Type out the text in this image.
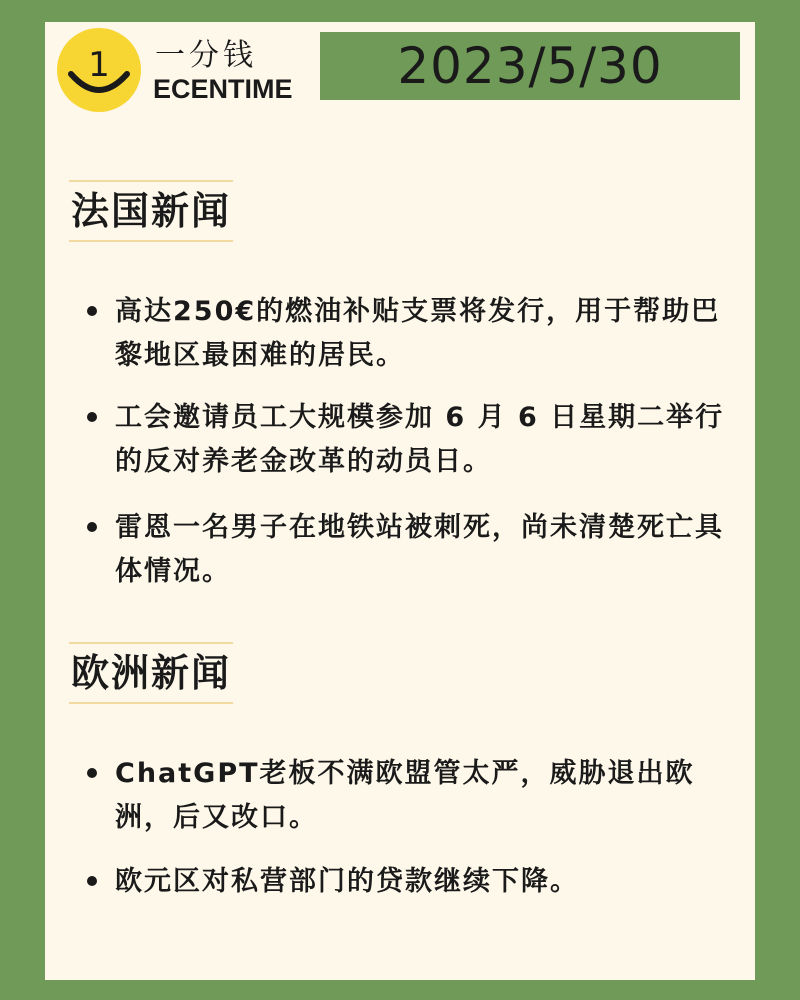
1 一分钱
ECENTIME 2023/5/30
法国新闻
高达250€的燃油补贴支票将发行，用于帮助巴黎地区最困难的居民。
工会邀请员工大规模参加 6 月 6 日星期二举行的反对养老金改革的动员日。
雷恩一名男子在地铁站被刺死，尚未清楚死亡具体情况。
欧洲新闻
ChatGPT老板不满欧盟管太严，威胁退出欧洲，后又改口。
欧元区对私营部门的贷款继续下降。
